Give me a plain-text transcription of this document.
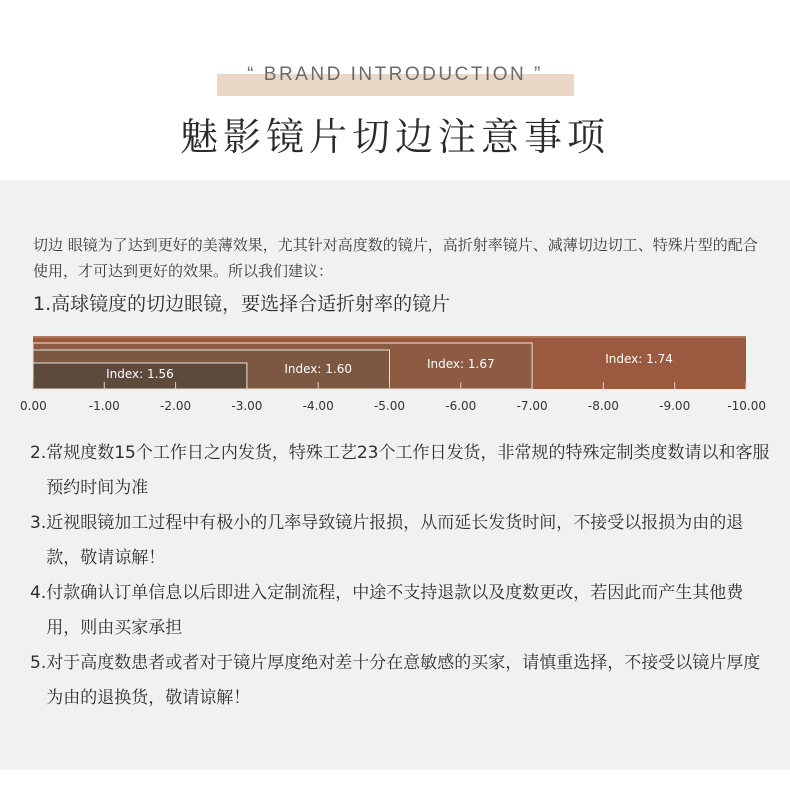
“ BRAND INTRODUCTION ”
魅影镜片切边注意事项
切边 眼镜为了达到更好的美薄效果，尤其针对高度数的镜片，高折射率镜片、减薄切边切工、特殊片型的配合使用，才可达到更好的效果。所以我们建议：
1.高球镜度的切边眼镜，要选择合适折射率的镜片
Index: 1.56	Index: 1.60	Index: 1.67	Index: 1.74
0.00	-1.00	-2.00	-3.00	-4.00	-5.00	-6.00	-7.00	-8.00	-9.00	-10.00
2. 常规度数15个工作日之内发货，特殊工艺23个工作日发货，非常规的特殊定制类度数请以和客服预约时间为准
3. 近视眼镜加工过程中有极小的几率导致镜片报损，从而延长发货时间，不接受以报损为由的退款，敬请谅解！
4. 付款确认订单信息以后即进入定制流程，中途不支持退款以及度数更改，若因此而产生其他费用，则由买家承担
5. 对于高度数患者或者对于镜片厚度绝对差十分在意敏感的买家，请慎重选择，不接受以镜片厚度为由的退换货，敬请谅解！
